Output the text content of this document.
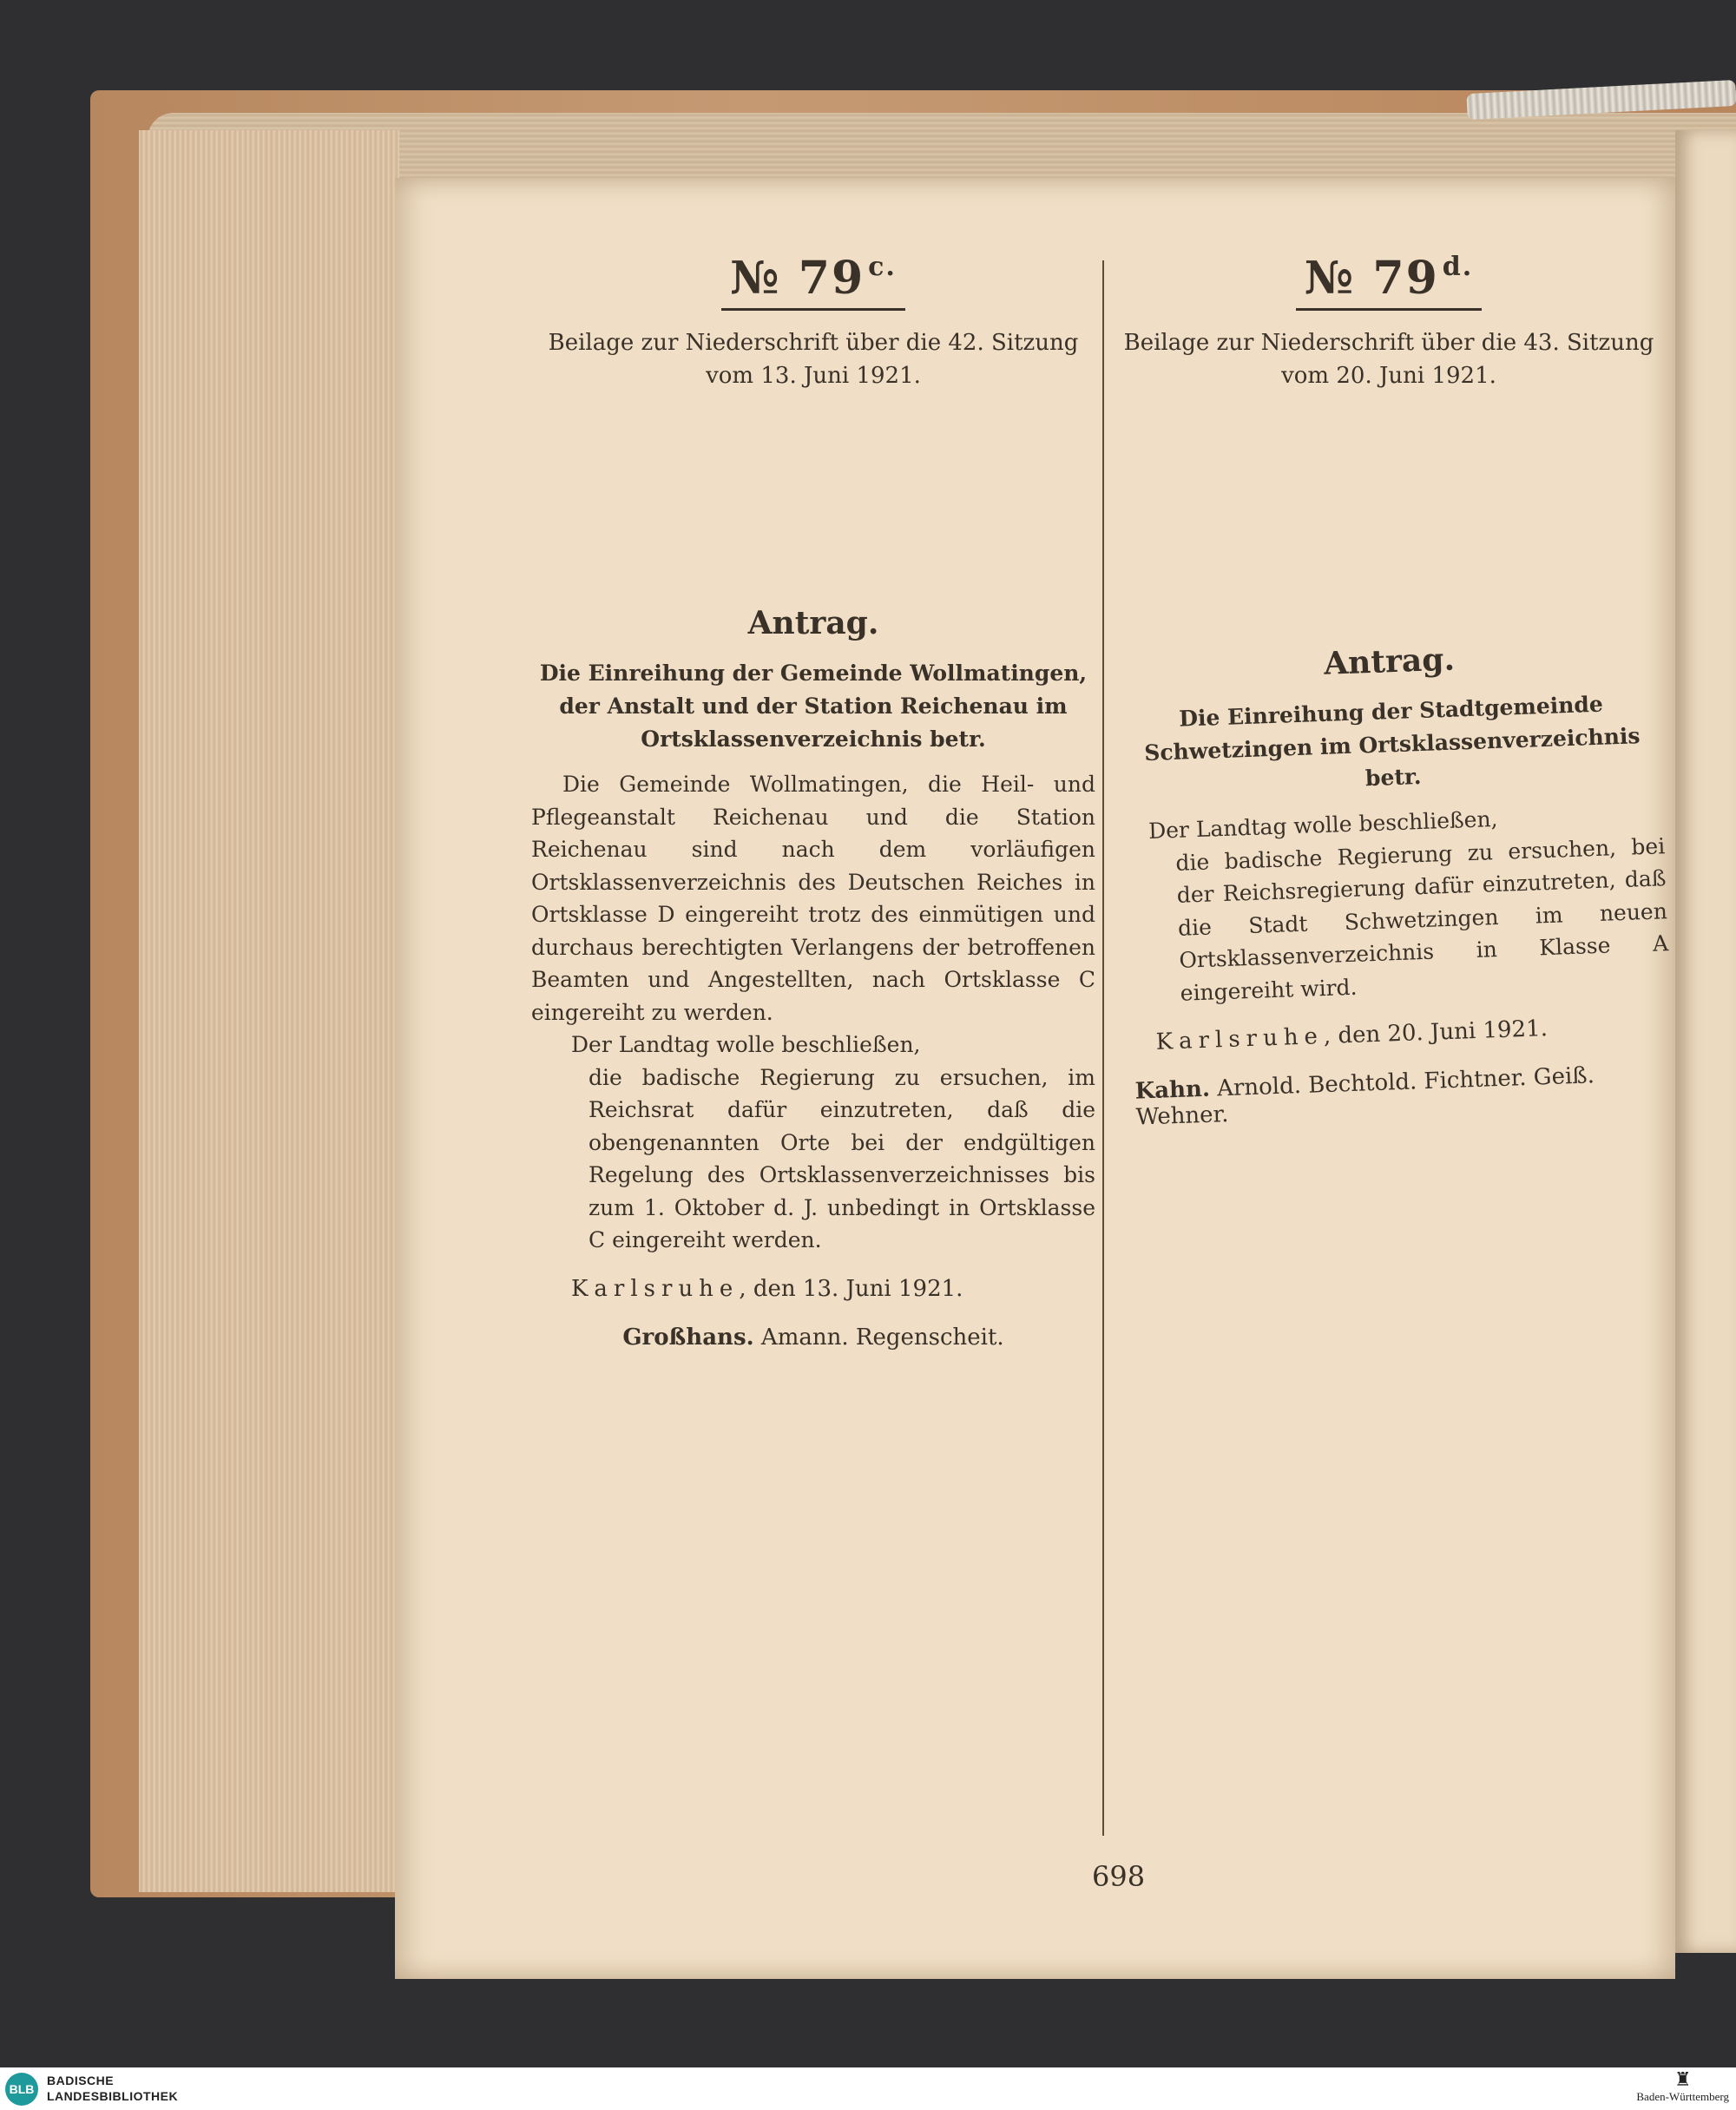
№ 79 $^{c.}$
Beilage zur Niederschrift über die 42. Sitzung
vom 13. Juni 1921.
Antrag.
Die Einreihung der Gemeinde Wollmatingen, der Anstalt und der Station Reichenau im Ortsklassenverzeichnis betr.
Die Gemeinde Wollmatingen, die Heil- und Pflegeanstalt Reichenau und die Station Reichenau sind nach dem vorläufigen Ortsklassenverzeichnis des Deutschen Reiches in Ortsklasse D eingereiht trotz des einmütigen und durchaus berechtigten Verlangens der betroffenen Beamten und Angestellten, nach Ortsklasse C eingereiht zu werden.
Der Landtag wolle beschließen,
die badische Regierung zu ersuchen, im Reichsrat dafür einzutreten, daß die obengenannten Orte bei der endgültigen Regelung des Ortsklassenverzeichnisses bis zum 1. Oktober d. J. unbedingt in Ortsklasse C eingereiht werden.
Karlsruhe, den 13. Juni 1921.
Großhans. Amann. Regenscheit.
№ 79 $^{d.}$
Beilage zur Niederschrift über die 43. Sitzung
vom 20. Juni 1921.
Antrag.
Die Einreihung der Stadtgemeinde Schwetzingen im Ortsklassenverzeichnis betr.
Der Landtag wolle beschließen,
die badische Regierung zu ersuchen, bei der Reichsregierung dafür einzutreten, daß die Stadt Schwetzingen im neuen Ortsklassenverzeichnis in Klasse A eingereiht wird.
Karlsruhe, den 20. Juni 1921.
Kahn. Arnold. Bechtold. Fichtner. Geiß. Wehner.
698
BLB
BADISCHE
LANDESBIBLIOTHEK
♜
Baden-Württemberg
